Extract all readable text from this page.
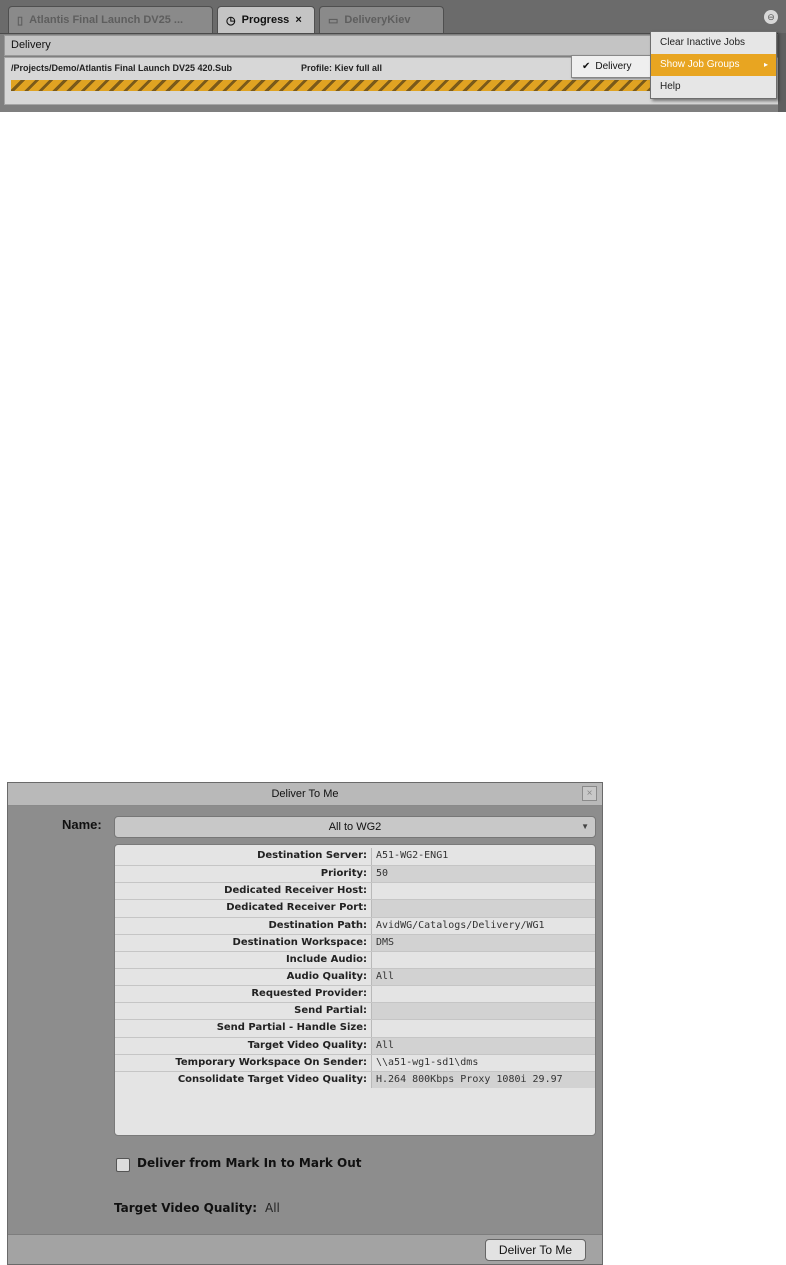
▯ Atlantis Final Launch DV25 ...	◷ Progress × ▭ DeliveryKiev	⊖
Delivery
/Projects/Demo/Atlantis Final Launch DV25 420.Sub	Profile: Kiev full all	✔ Delivery
Clear Inactive Jobs
Show Job Groups	▸
Help
Deliver To Me	×
Name:	All to WG2	▼
Destination Server: A51-WG2-ENG1
Priority: 50
Dedicated Receiver Host:
Dedicated Receiver Port:
Destination Path: AvidWG/Catalogs/Delivery/WG1
Destination Workspace: DMS
Include Audio:
Audio Quality: All
Requested Provider:
Send Partial:
Send Partial - Handle Size:
Target Video Quality: All
Temporary Workspace On Sender: \\a51-wg1-sd1\dms
Consolidate Target Video Quality: H.264 800Kbps Proxy 1080i 29.97
Deliver from Mark In to Mark Out
Target Video Quality: All
Deliver To Me
